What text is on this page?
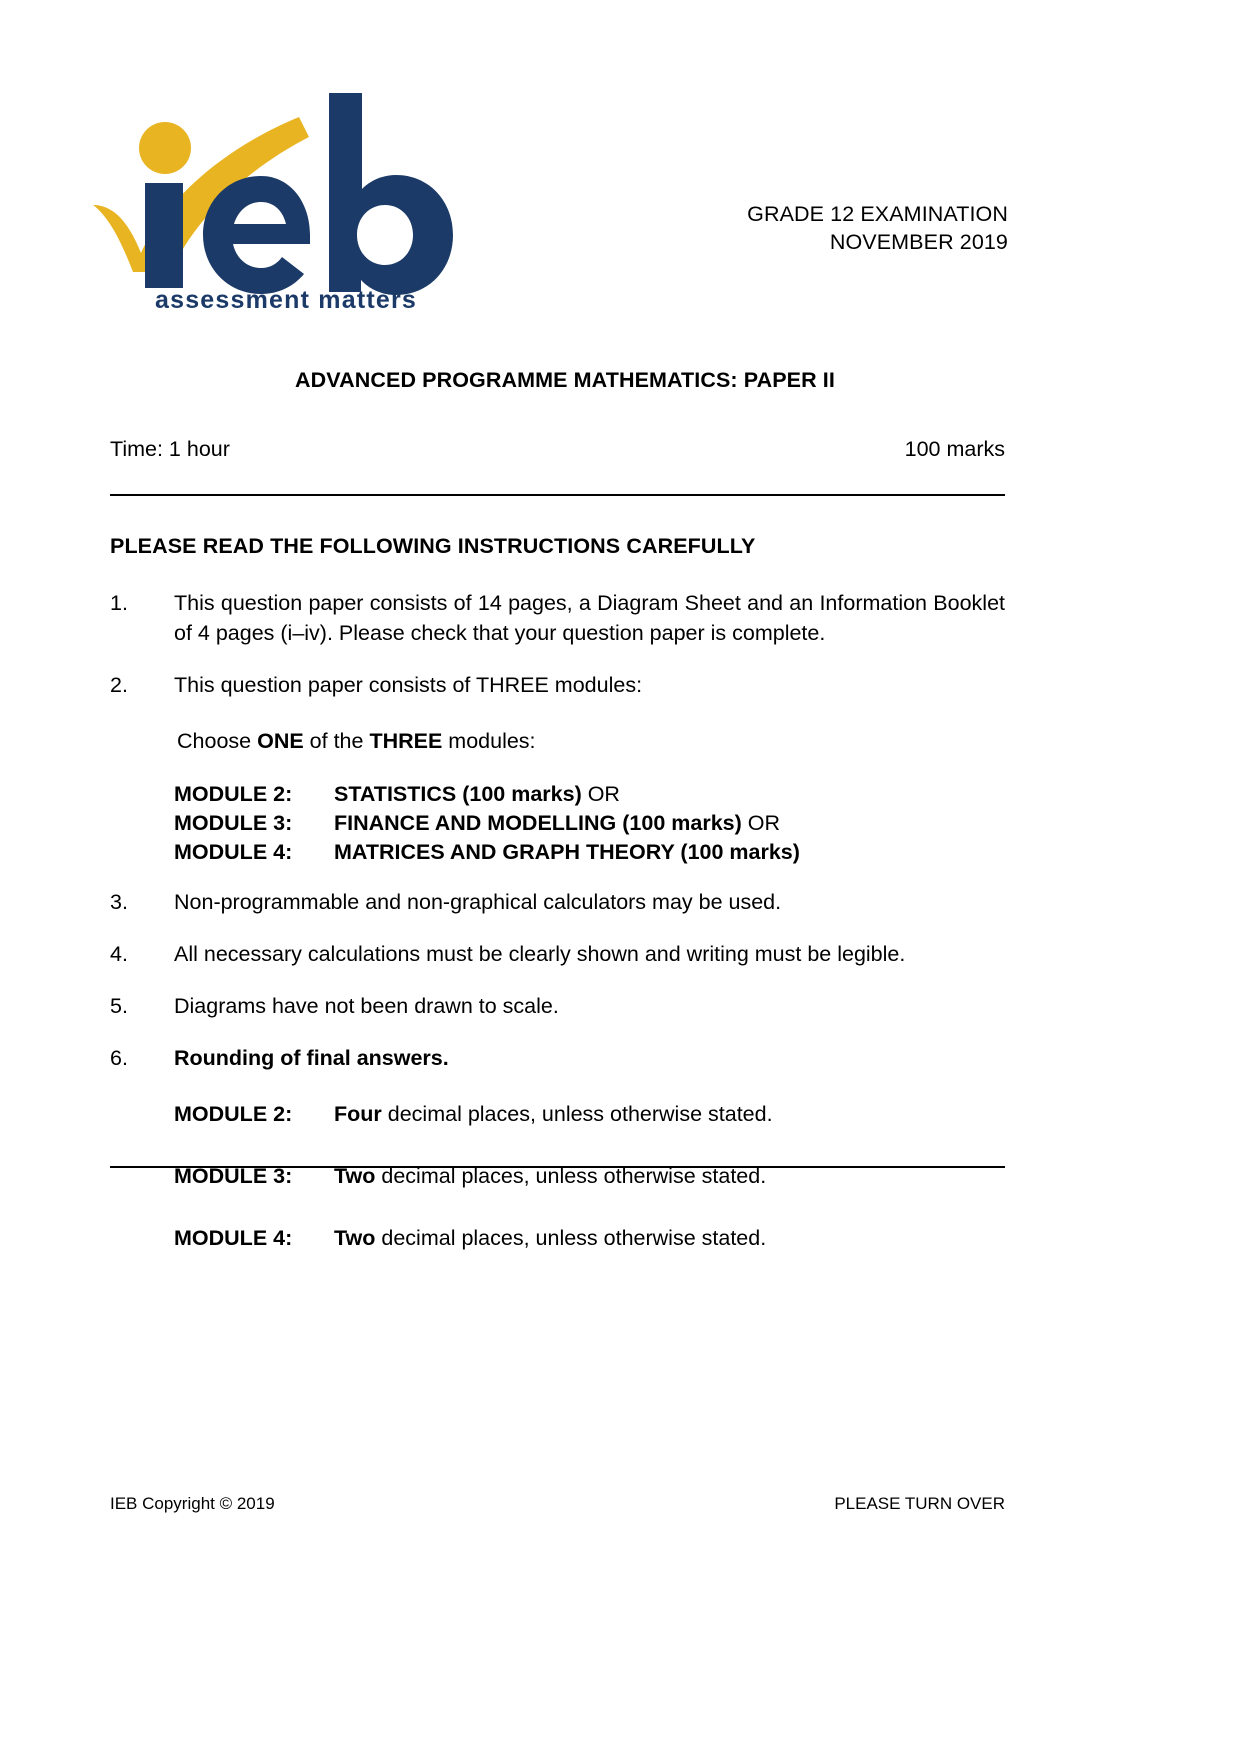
assessment matters
GRADE 12 EXAMINATION
NOVEMBER 2019
ADVANCED PROGRAMME MATHEMATICS: PAPER II
Time: 1 hour	100 marks
PLEASE READ THE FOLLOWING INSTRUCTIONS CAREFULLY
1.	This question paper consists of 14 pages, a Diagram Sheet and an Information Booklet of 4 pages (i–iv). Please check that your question paper is complete.
2.	This question paper consists of THREE modules:
Choose ONE of the THREE modules:
MODULE 2:	STATISTICS (100 marks) OR
MODULE 3:	FINANCE AND MODELLING (100 marks) OR
MODULE 4:	MATRICES AND GRAPH THEORY (100 marks)
3.	Non-programmable and non-graphical calculators may be used.
4.	All necessary calculations must be clearly shown and writing must be legible.
5.	Diagrams have not been drawn to scale.
6.	Rounding of final answers.
MODULE 2:	Four decimal places, unless otherwise stated.
MODULE 3:	Two decimal places, unless otherwise stated.
MODULE 4:	Two decimal places, unless otherwise stated.
IEB Copyright © 2019	PLEASE TURN OVER
